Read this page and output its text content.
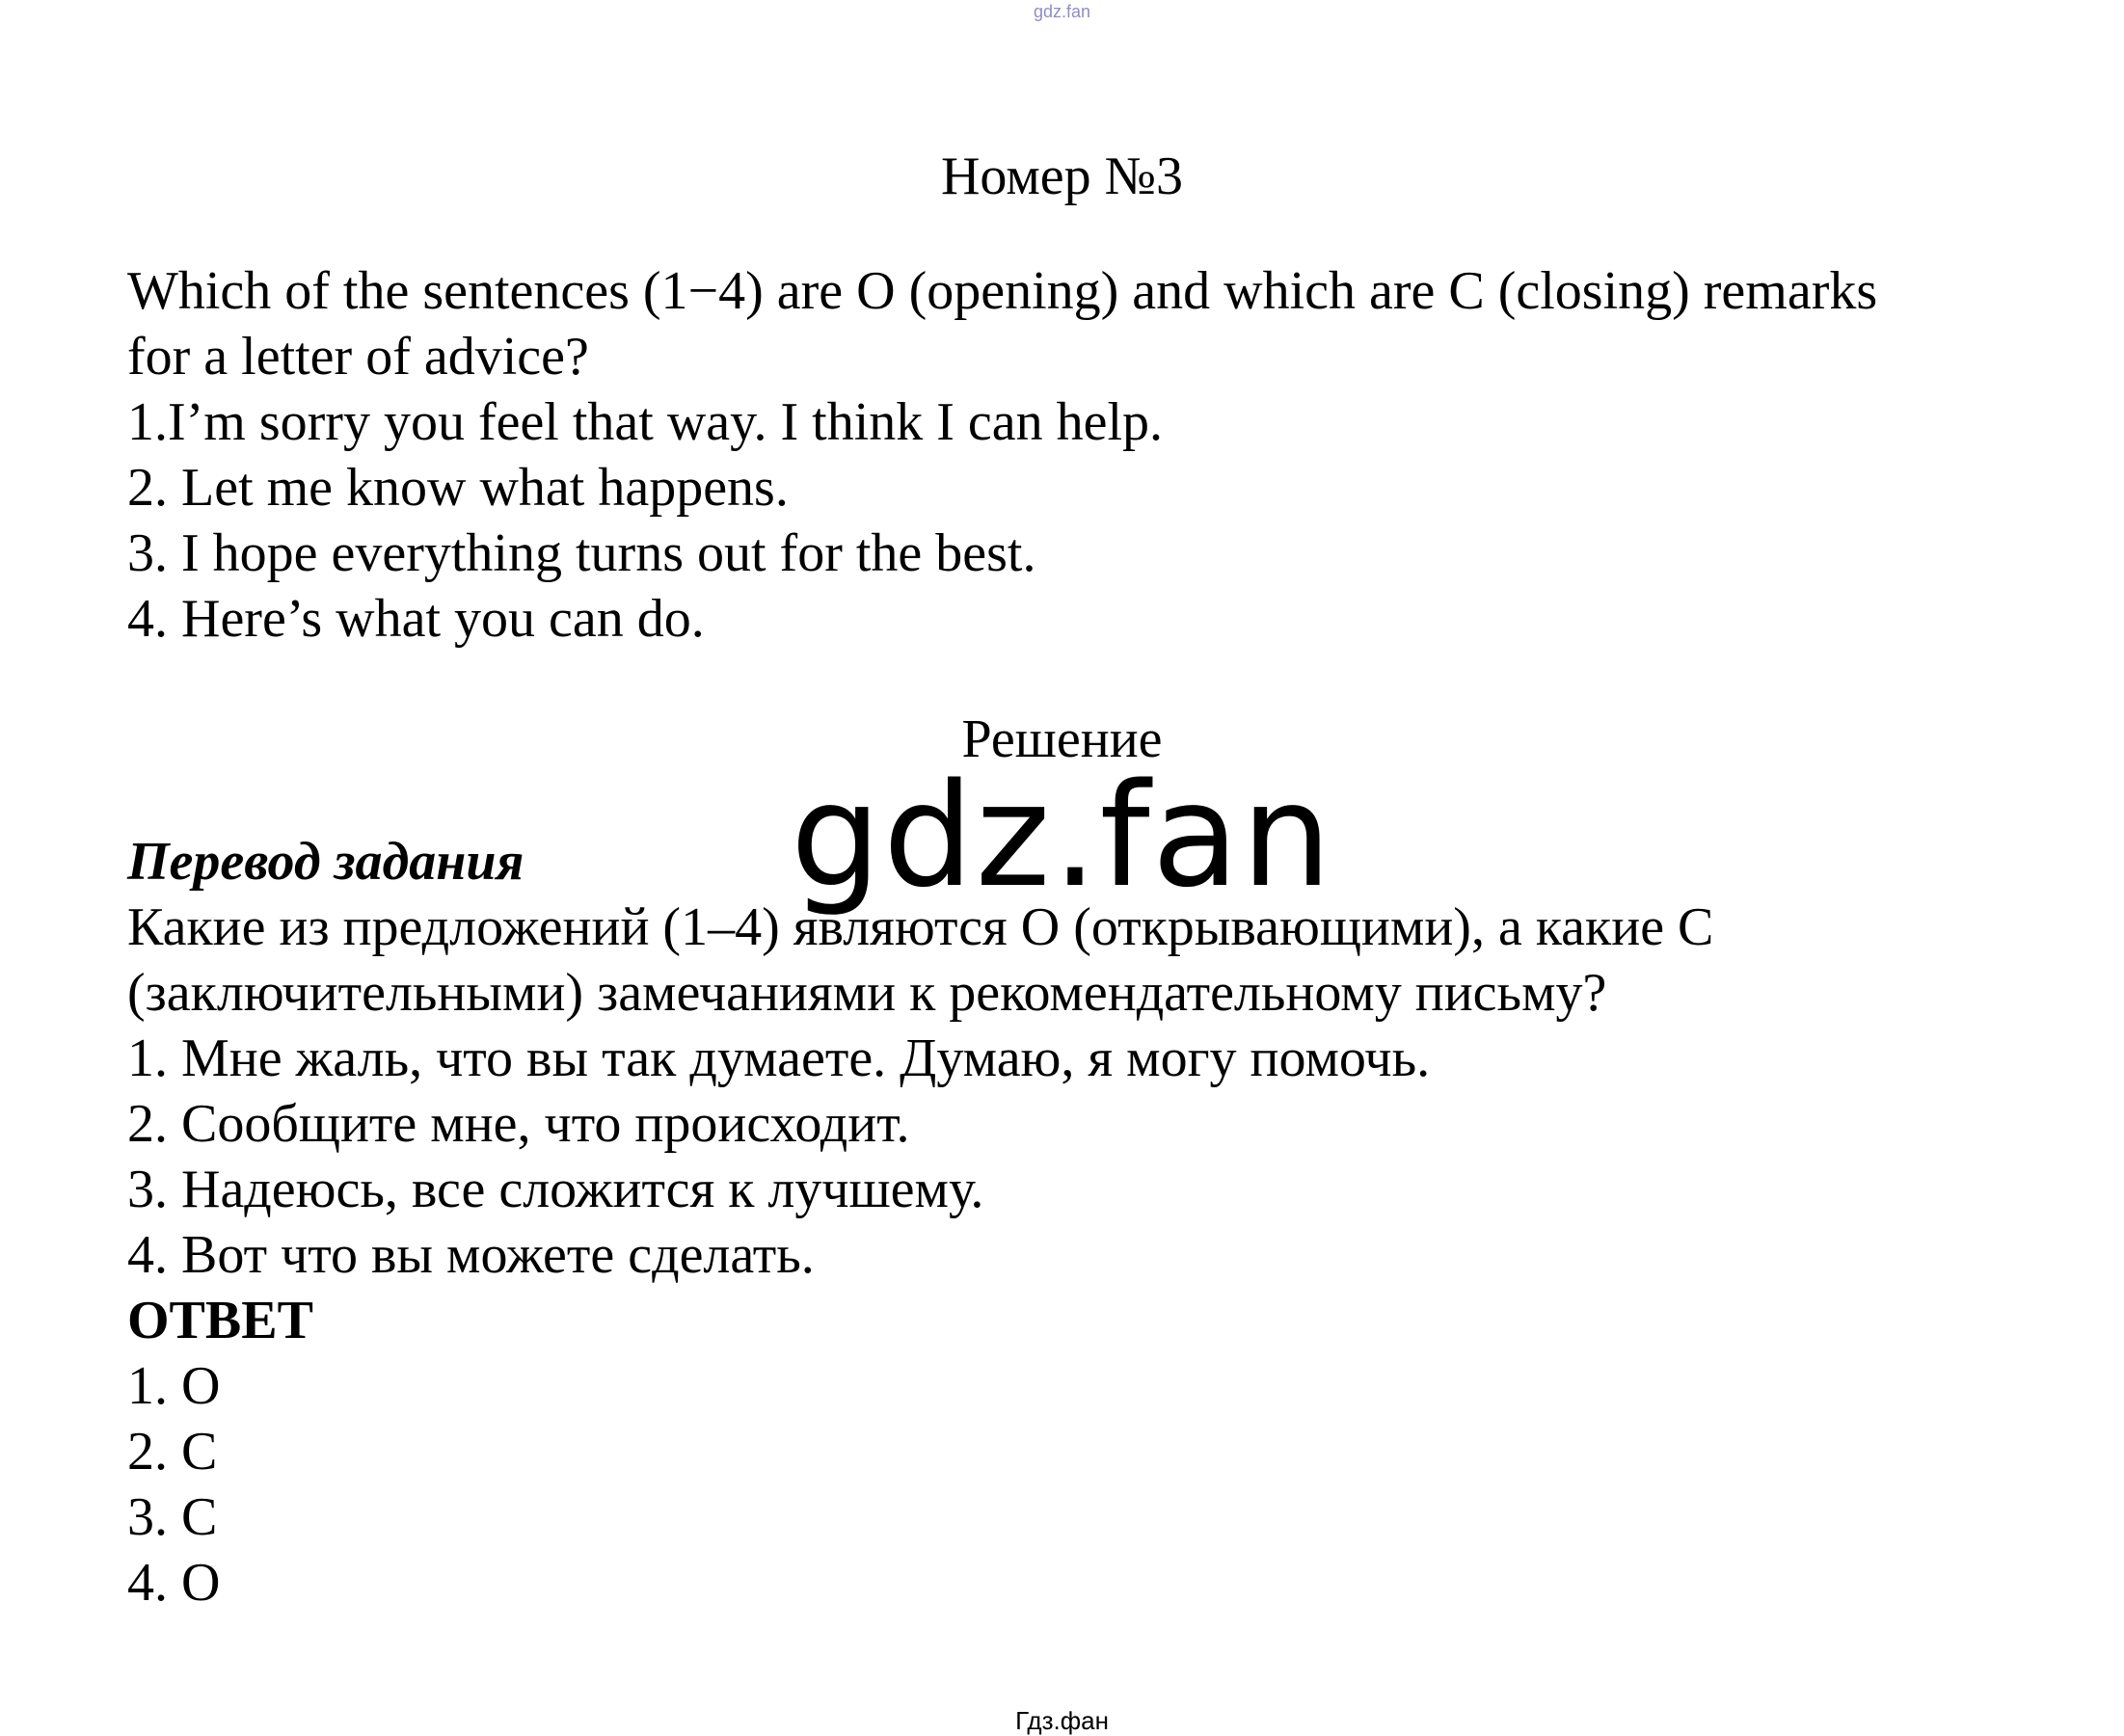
gdz.fan
Номер №3
Which of the sentences (1−4) are O (opening) and which are C (closing) remarks
for a letter of advice?
1.I’m sorry you feel that way. I think I can help.
2. Let me know what happens.
3. I hope everything turns out for the best.
4. Here’s what you can do.
Решение
Перевод задания
Какие из предложений (1–4) являются О (открывающими), а какие С
(заключительными) замечаниями к рекомендательному письму?
1. Мне жаль, что вы так думаете. Думаю, я могу помочь.
2. Сообщите мне, что происходит.
3. Надеюсь, все сложится к лучшему.
4. Вот что вы можете сделать.
gdz.fan
ОТВЕТ
1. O
2. C
3. C
4. O
Гдз.фан
